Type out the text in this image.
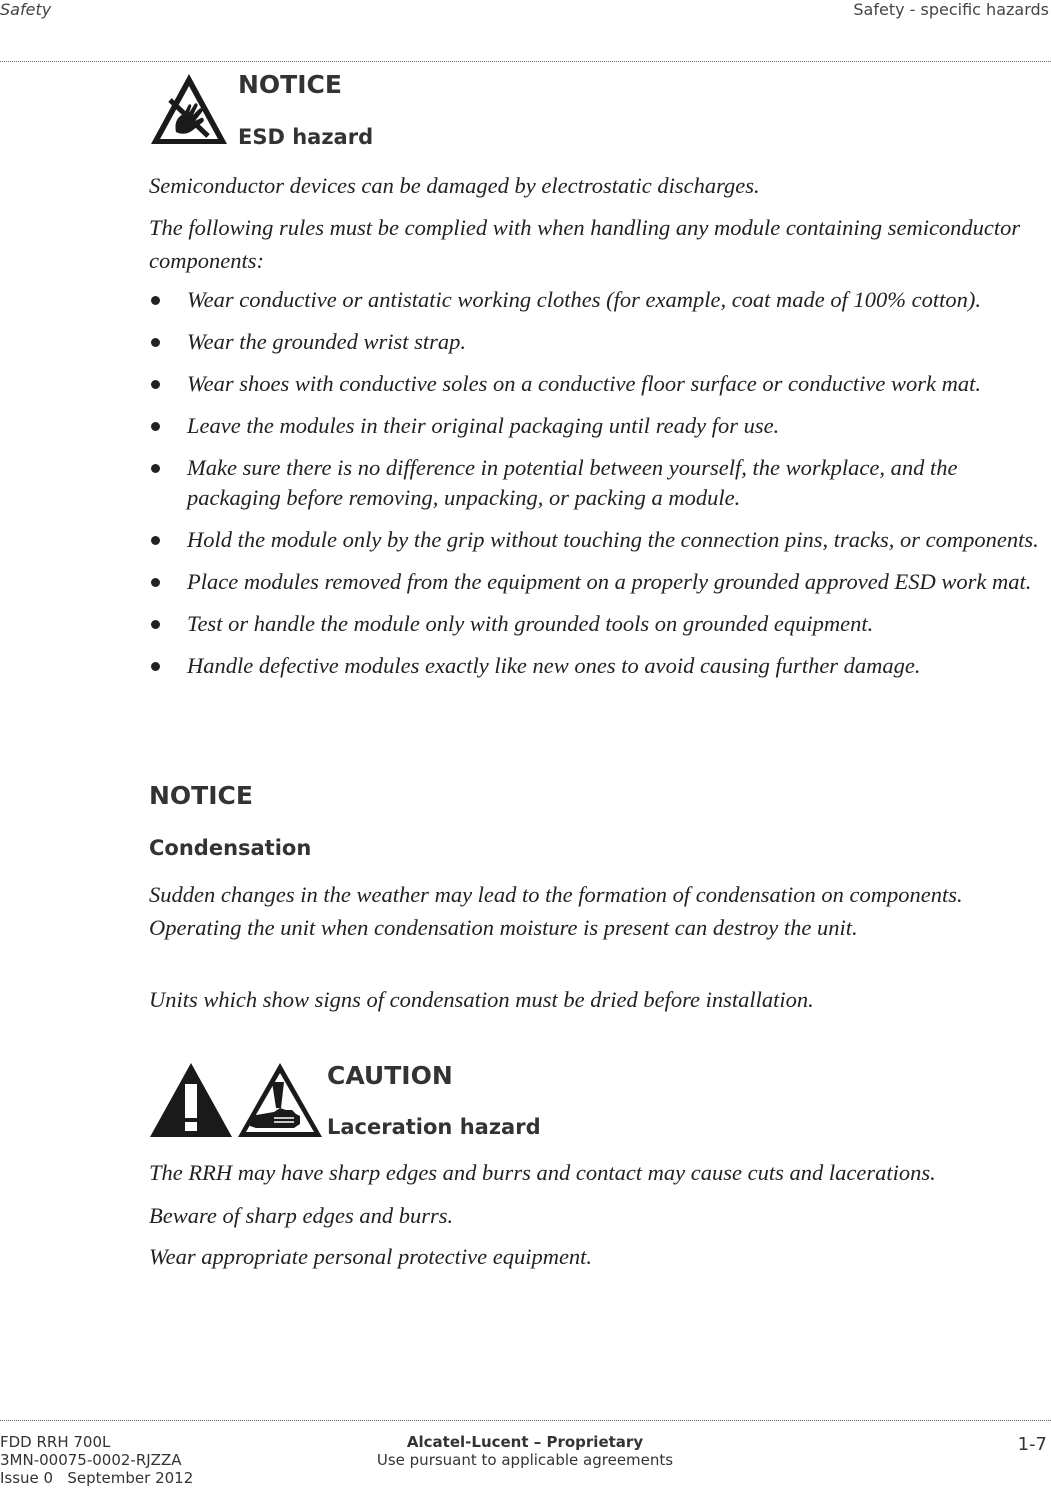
Safety	Safety - specific hazards
NOTICE
ESD hazard

Semiconductor devices can be damaged by electrostatic discharges.

The following rules must be complied with when handling any module containing semiconductor components:

Wear conductive or antistatic working clothes (for example, coat made of 100% cotton).
Wear the grounded wrist strap.
Wear shoes with conductive soles on a conductive floor surface or conductive work mat.
Leave the modules in their original packaging until ready for use.
Make sure there is no difference in potential between yourself, the workplace, and the packaging before removing, unpacking, or packing a module.
Hold the module only by the grip without touching the connection pins, tracks, or components.
Place modules removed from the equipment on a properly grounded approved ESD work mat.
Test or handle the module only with grounded tools on grounded equipment.
Handle defective modules exactly like new ones to avoid causing further damage.
NOTICE
Condensation

Sudden changes in the weather may lead to the formation of condensation on components. Operating the unit when condensation moisture is present can destroy the unit.

Units which show signs of condensation must be dried before installation.

CAUTION
Laceration hazard

The RRH may have sharp edges and burrs and contact may cause cuts and lacerations.

Beware of sharp edges and burrs.

Wear appropriate personal protective equipment.

FDD RRH 700L
3MN-00075-0002-RJZZA
Issue 0   September 2012
Alcatel-Lucent – Proprietary
Use pursuant to applicable agreements
1-7
